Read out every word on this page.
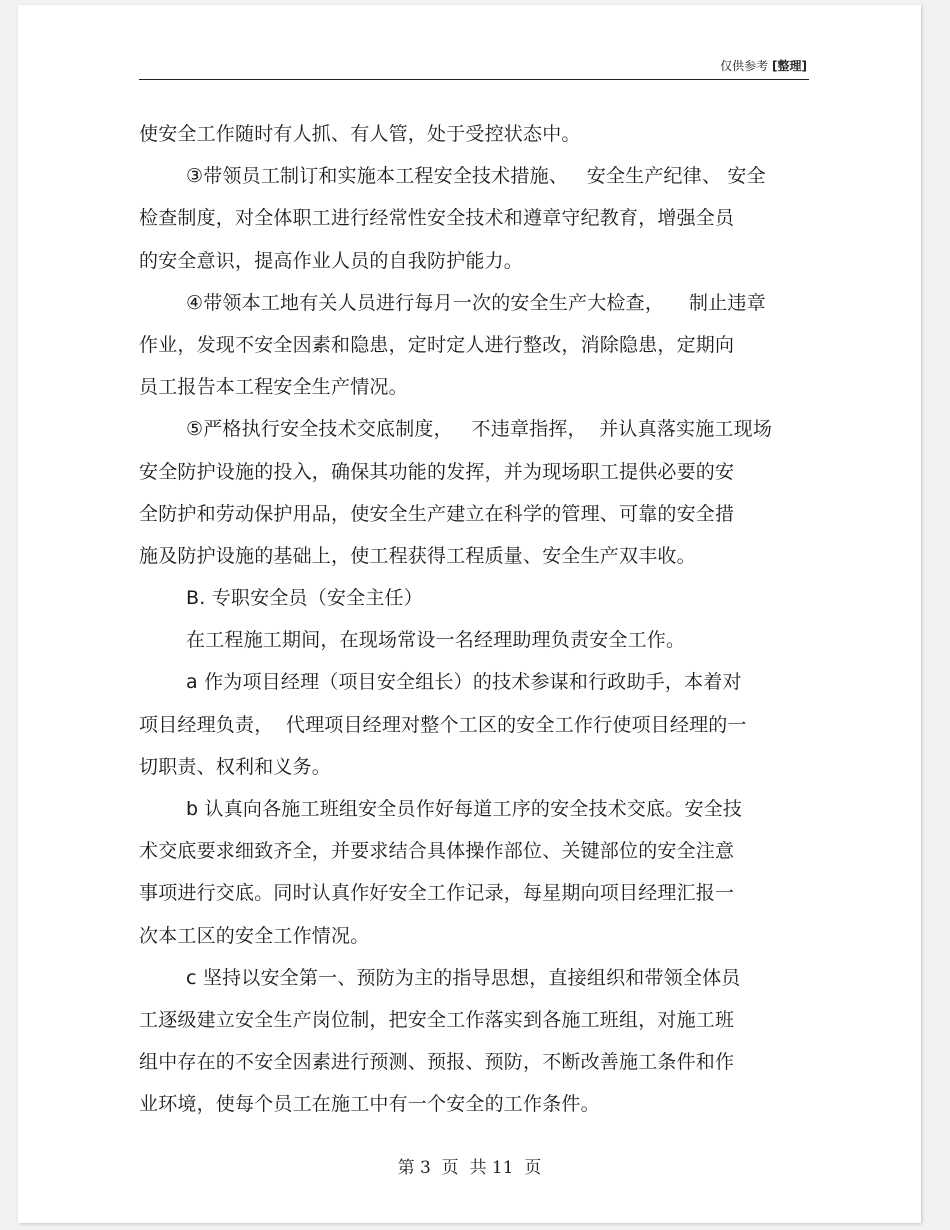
仅供参考 [整理]
使安全工作随时有人抓、有人管，处于受控状态中。
③带领员工制订和实施本工程安全技术措施、   安全生产纪律、 安全
检查制度，对全体职工进行经常性安全技术和遵章守纪教育，增强全员
的安全意识，提高作业人员的自我防护能力。
④带领本工地有关人员进行每月一次的安全生产大检查，    制止违章
作业，发现不安全因素和隐患，定时定人进行整改，消除隐患，定期向
员工报告本工程安全生产情况。
⑤严格执行安全技术交底制度，   不违章指挥，  并认真落实施工现场
安全防护设施的投入，确保其功能的发挥，并为现场职工提供必要的安
全防护和劳动保护用品，使安全生产建立在科学的管理、可靠的安全措
施及防护设施的基础上，使工程获得工程质量、安全生产双丰收。
B. 专职安全员（安全主任）
在工程施工期间，在现场常设一名经理助理负责安全工作。
a 作为项目经理（项目安全组长）的技术参谋和行政助手，本着对
项目经理负责，  代理项目经理对整个工区的安全工作行使项目经理的一
切职责、权利和义务。
b 认真向各施工班组安全员作好每道工序的安全技术交底。安全技
术交底要求细致齐全，并要求结合具体操作部位、关键部位的安全注意
事项进行交底。同时认真作好安全工作记录，每星期向项目经理汇报一
次本工区的安全工作情况。
c 坚持以安全第一、预防为主的指导思想，直接组织和带领全体员
工逐级建立安全生产岗位制，把安全工作落实到各施工班组，对施工班
组中存在的不安全因素进行预测、预报、预防，不断改善施工条件和作
业环境，使每个员工在施工中有一个安全的工作条件。
第 3  页  共 11  页
